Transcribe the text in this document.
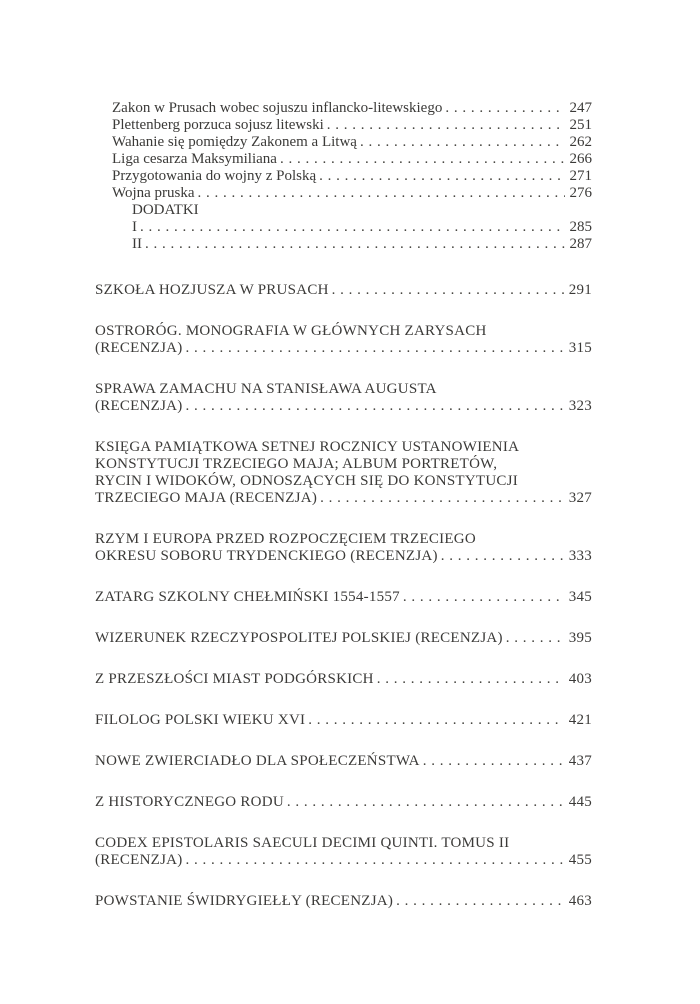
Zakon w Prusach wobec sojuszu inflancko-litewskiego . . .	247
Plettenberg porzuca sojusz litewski . . .	251
Wahanie się pomiędzy Zakonem a Litwą . . .	262
Liga cesarza Maksymiliana . . .	266
Przygotowania do wojny z Polską . . .	271
Wojna pruska . . .	276
DODATKI
I . . .	285
II . . .	287
SZKOŁA HOZJUSZA W PRUSACH . . .	291
OSTRORÓG. MONOGRAFIA W GŁÓWNYCH ZARYSACH
(RECENZJA) . . .	315
SPRAWA ZAMACHU NA STANISŁAWA AUGUSTA
(RECENZJA) . . .	323
KSIĘGA PAMIĄTKOWA SETNEJ ROCZNICY USTANOWIENIA
KONSTYTUCJI TRZECIEGO MAJA; ALBUM PORTRETÓW,
RYCIN I WIDOKÓW, ODNOSZĄCYCH SIĘ DO KONSTYTUCJI
TRZECIEGO MAJA (RECENZJA) . . .	327
RZYM I EUROPA PRZED ROZPOCZĘCIEM TRZECIEGO
OKRESU SOBORU TRYDENCKIEGO (RECENZJA) . . .	333
ZATARG SZKOLNY CHEŁMIŃSKI 1554-1557 . . .	345
WIZERUNEK RZECZYPOSPOLITEJ POLSKIEJ (RECENZJA) . . .	395
Z PRZESZŁOŚCI MIAST PODGÓRSKICH . . .	403
FILOLOG POLSKI WIEKU XVI . . .	421
NOWE ZWIERCIADŁO DLA SPOŁECZEŃSTWA . . .	437
Z HISTORYCZNEGO RODU . . .	445
CODEX EPISTOLARIS SAECULI DECIMI QUINTI. TOMUS II
(RECENZJA) . . .	455
POWSTANIE ŚWIDRYGIEŁŁY (RECENZJA) . . .	463
